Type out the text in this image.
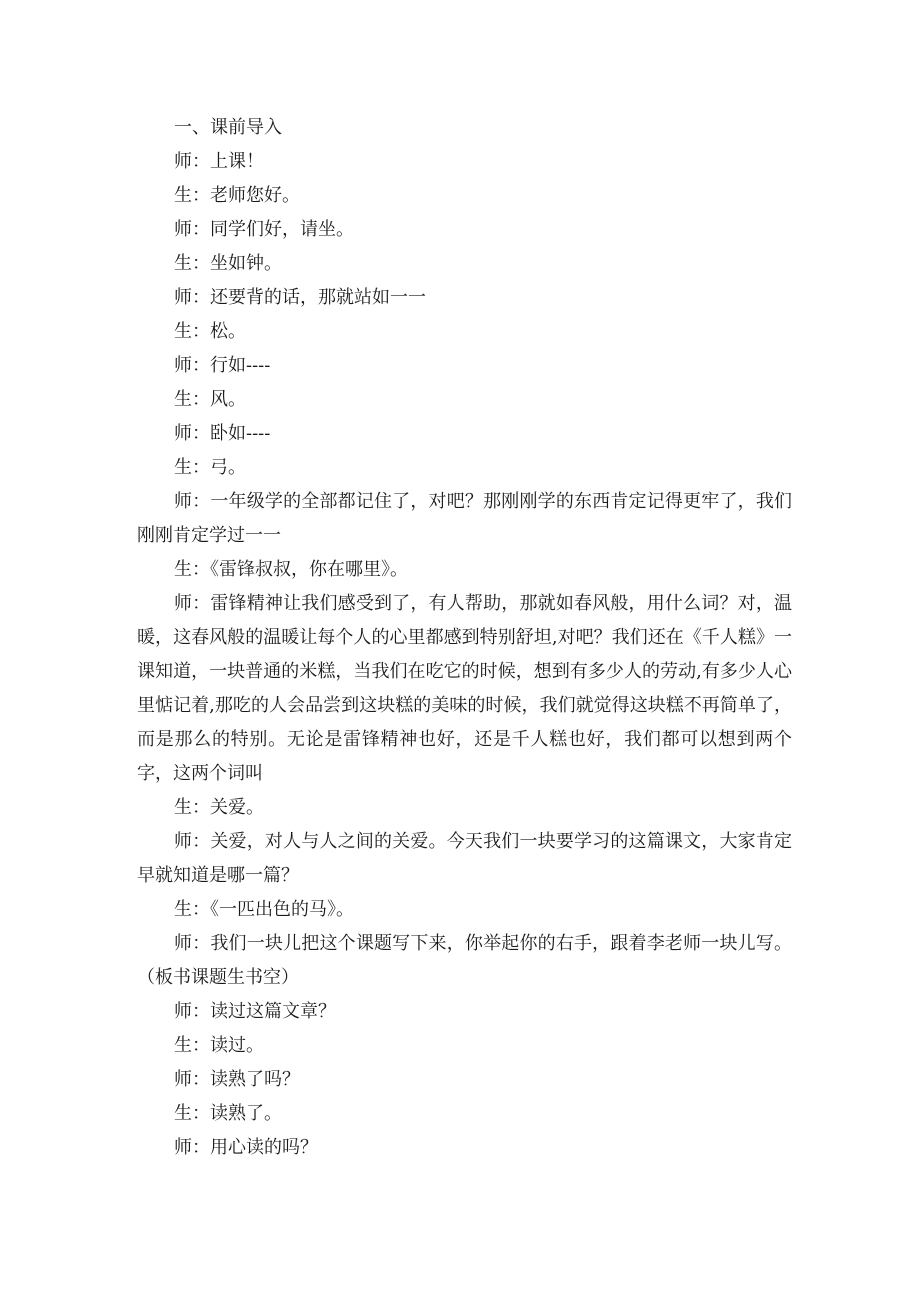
一、课前导入

师：上课！

生：老师您好。

师：同学们好，请坐。

生：坐如钟。

师：还要背的话，那就站如一一

生：松。

师：行如----

生：风。

师：卧如----

生：弓。

师：一年级学的全部都记住了，对吧？那刚刚学的东西肯定记得更牢了，我们刚刚肯定学过一一

生：《雷锋叔叔，你在哪里》。

师：雷锋精神让我们感受到了，有人帮助，那就如春风般，用什么词？对，温暖，这春风般的温暖让每个人的心里都感到特别舒坦,对吧？我们还在《千人糕》一课知道，一块普通的米糕，当我们在吃它的时候，想到有多少人的劳动,有多少人心里惦记着,那吃的人会品尝到这块糕的美味的时候，我们就觉得这块糕不再简单了，而是那么的特别。无论是雷锋精神也好，还是千人糕也好，我们都可以想到两个字，这两个词叫

生：关爱。

师：关爱，对人与人之间的关爱。今天我们一块要学习的这篇课文，大家肯定早就知道是哪一篇？

生：《一匹出色的马》。

师：我们一块儿把这个课题写下来，你举起你的右手，跟着李老师一块儿写。（板书课题生书空）

师：读过这篇文章？

生：读过。

师：读熟了吗？

生：读熟了。

师：用心读的吗？
